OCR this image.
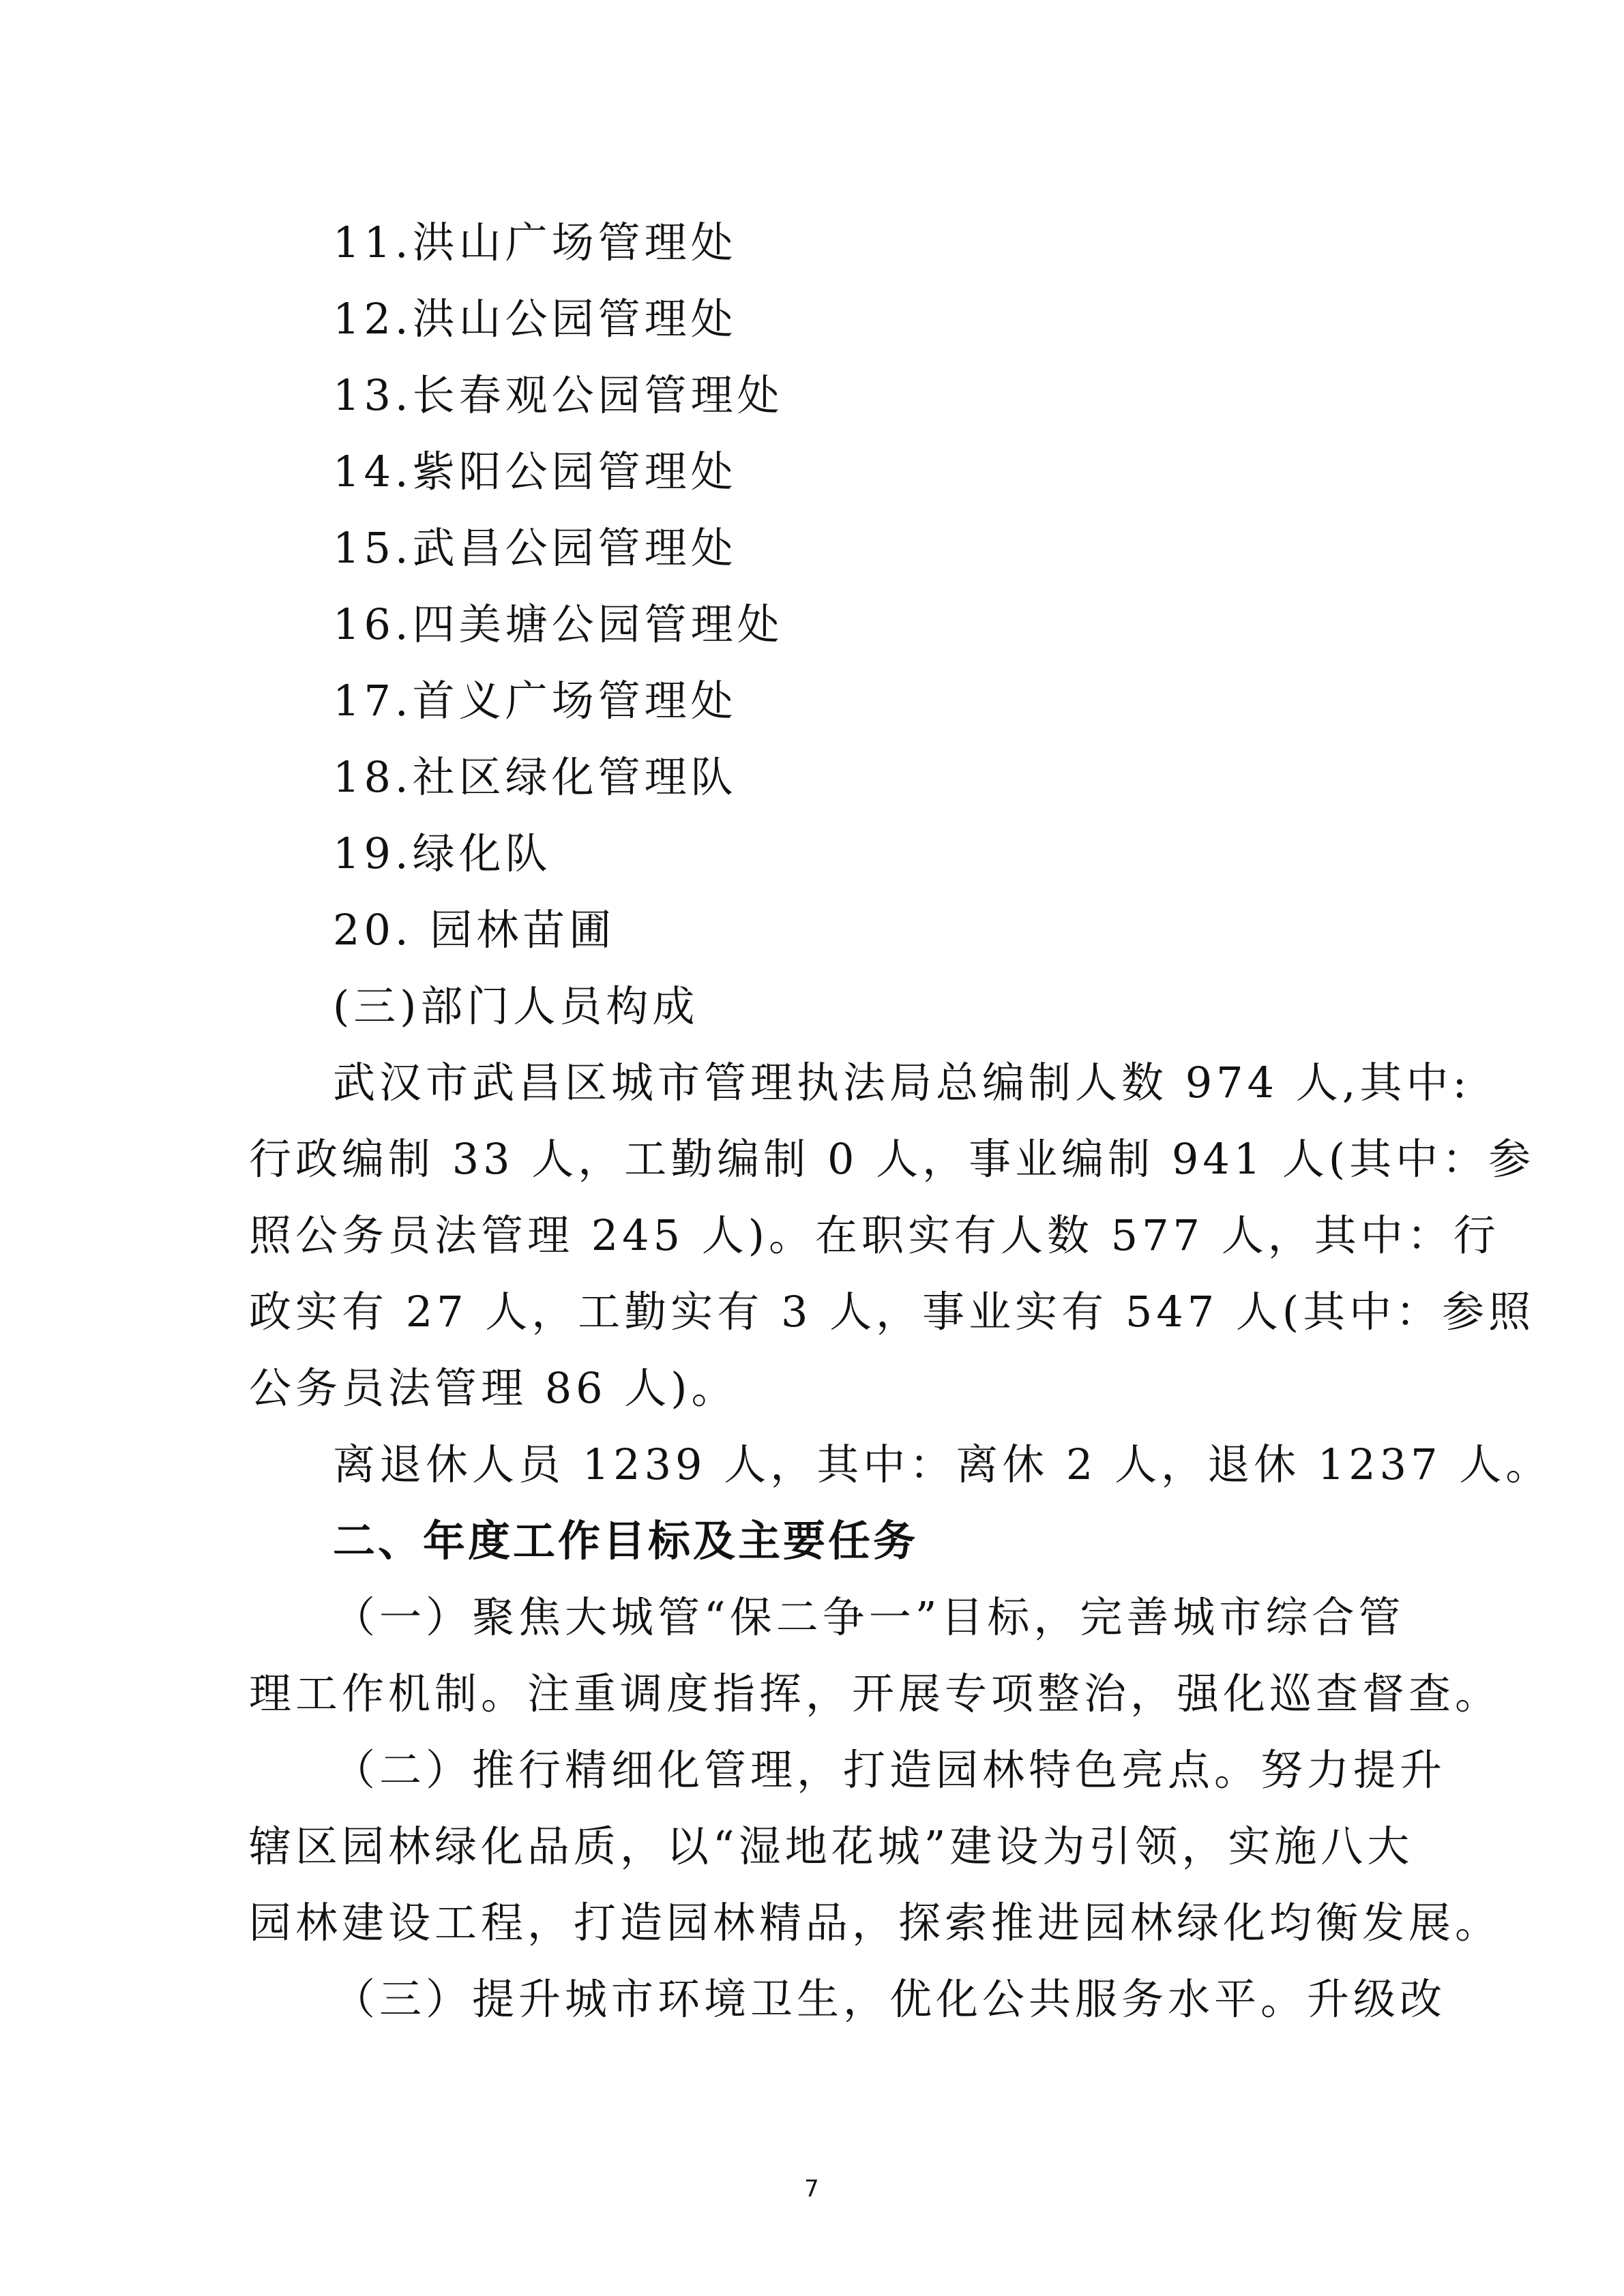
11.洪山广场管理处
12.洪山公园管理处
13.长春观公园管理处
14.紫阳公园管理处
15.武昌公园管理处
16.四美塘公园管理处
17.首义广场管理处
18.社区绿化管理队
19.绿化队
20. 园林苗圃
(三)部门人员构成
武汉市武昌区城市管理执法局总编制人数 974 人,其中:
行政编制 33 人，工勤编制 0 人，事业编制 941 人(其中：参
照公务员法管理 245 人)。在职实有人数 577 人，其中：行
政实有 27 人，工勤实有 3 人，事业实有 547 人(其中：参照
公务员法管理 86 人)。
离退休人员 1239 人，其中：离休 2 人，退休 1237 人。
二、年度工作目标及主要任务
（一）聚焦大城管“保二争一”目标，完善城市综合管
理工作机制。注重调度指挥，开展专项整治，强化巡查督查。
（二）推行精细化管理，打造园林特色亮点。努力提升
辖区园林绿化品质，以“湿地花城”建设为引领，实施八大
园林建设工程，打造园林精品，探索推进园林绿化均衡发展。
（三）提升城市环境卫生，优化公共服务水平。升级改
7
